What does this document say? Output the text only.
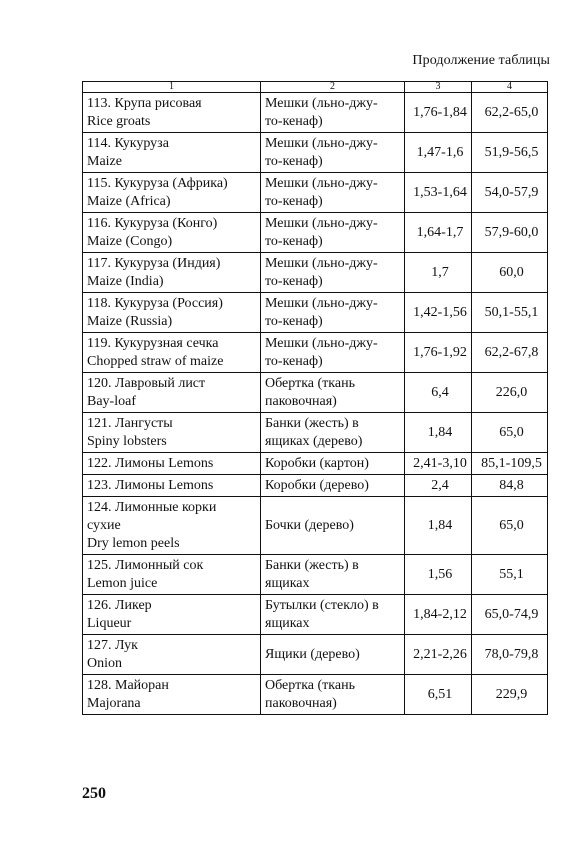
Продолжение таблицы
1	2	3	4

113. Крупа рисовая
Rice groats	Мешки (льно-джу-
то-кенаф)	1,76-1,84	62,2-65,0

114. Кукуруза
Maize	Мешки (льно-джу-
то-кенаф)	1,47-1,6	51,9-56,5

115. Кукуруза (Африка)
Maize (Africa)	Мешки (льно-джу-
то-кенаф)	1,53-1,64	54,0-57,9

116. Кукуруза (Конго)
Maize (Congo)	Мешки (льно-джу-
то-кенаф)	1,64-1,7	57,9-60,0

117. Кукуруза (Индия)
Maize (India)	Мешки (льно-джу-
то-кенаф)	1,7	60,0

118. Кукуруза (Россия)
Maize (Russia)	Мешки (льно-джу-
то-кенаф)	1,42-1,56	50,1-55,1

119. Кукурузная сечка
Chopped straw of maize	Мешки (льно-джу-
то-кенаф)	1,76-1,92	62,2-67,8

120. Лавровый лист
Bay-loaf	Обертка (ткань
паковочная)	6,4	226,0

121. Лангусты
Spiny lobsters	Банки (жесть) в
ящиках (дерево)	1,84	65,0

122. Лимоны Lemons	Коробки (картон)	2,41-3,10	85,1-109,5

123. Лимоны Lemons	Коробки (дерево)	2,4	84,8

124. Лимонные корки
сухие
Dry lemon peels	Бочки (дерево)	1,84	65,0

125. Лимонный сок
Lemon juice	Банки (жесть) в
ящиках	1,56	55,1

126. Ликер
Liqueur	Бутылки (стекло) в
ящиках	1,84-2,12	65,0-74,9

127. Лук
Onion	Ящики (дерево)	2,21-2,26	78,0-79,8

128. Майоран
Majorana	Обертка (ткань
паковочная)	6,51	229,9
250
